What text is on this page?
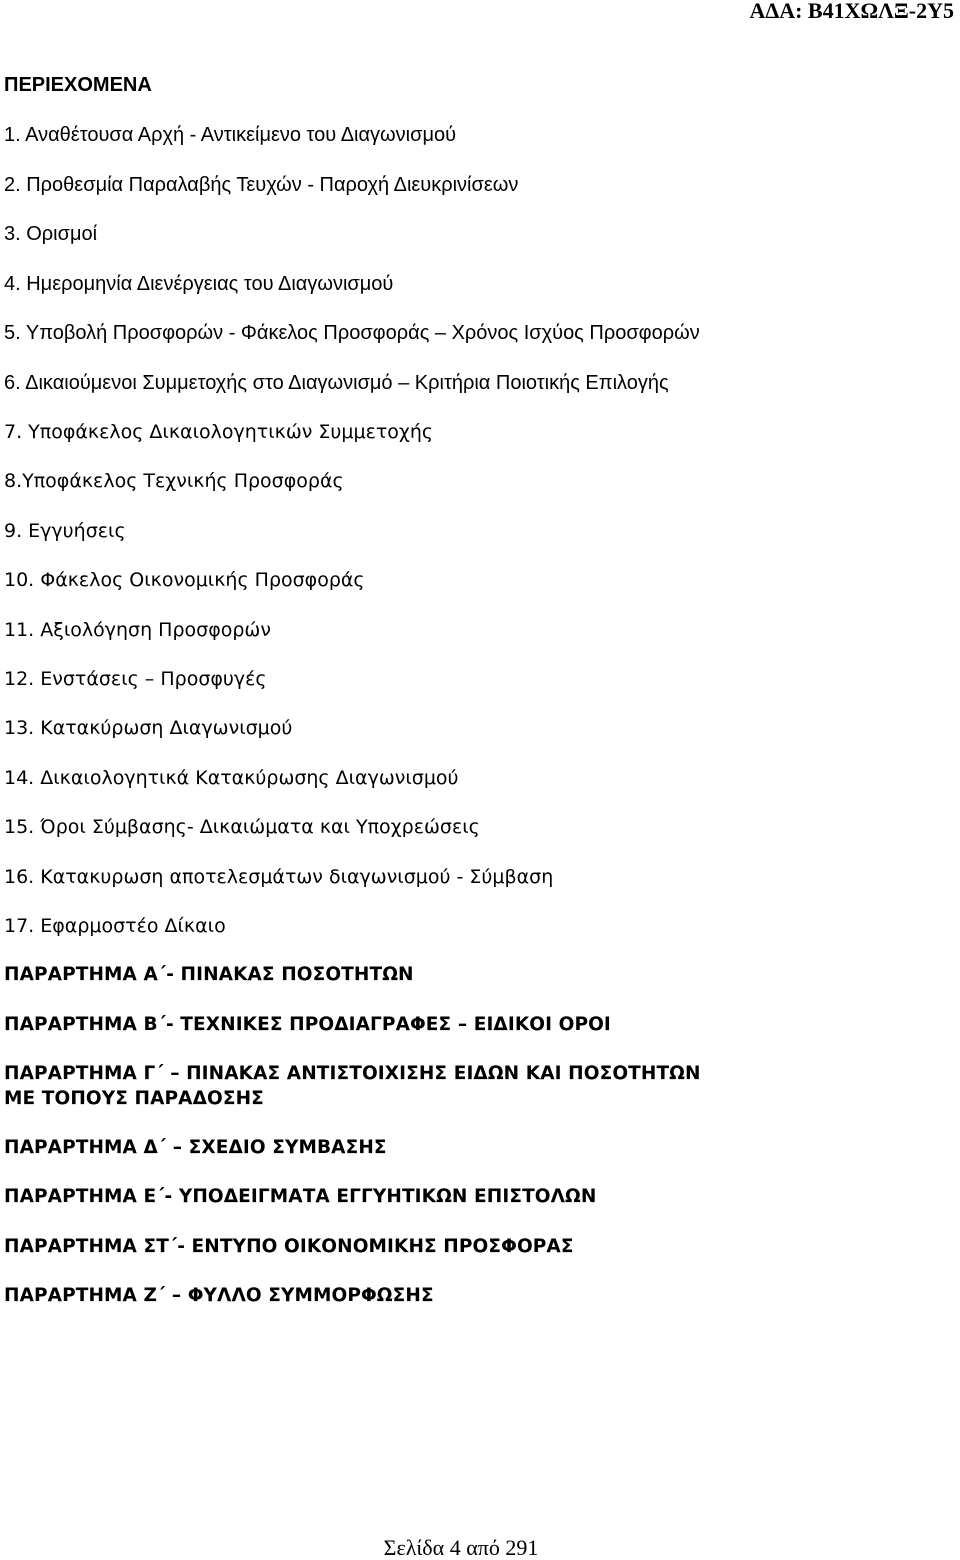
ΑΔΑ: Β41ΧΩΛΞ-2Υ5
ΠΕΡΙΕΧΟΜΕΝΑ
1. Αναθέτουσα Αρχή - Αντικείμενο του Διαγωνισμού
2. Προθεσμία Παραλαβής Τευχών - Παροχή Διευκρινίσεων
3. Ορισμοί
4. Ημερομηνία Διενέργειας του Διαγωνισμού
5. Υποβολή Προσφορών - Φάκελος Προσφοράς – Χρόνος Ισχύος Προσφορών
6. Δικαιούμενοι Συμμετοχής στο Διαγωνισμό – Κριτήρια Ποιοτικής Επιλογής
7. Υποφάκελος Δικαιολογητικών Συμμετοχής
8.Υποφάκελος Τεχνικής Προσφοράς
9. Εγγυήσεις
10. Φάκελος Οικονομικής Προσφοράς
11. Αξιολόγηση Προσφορών
12. Ενστάσεις – Προσφυγές
13. Κατακύρωση Διαγωνισμού
14. Δικαιολογητικά Κατακύρωσης Διαγωνισμού
15. Όροι Σύμβασης- Δικαιώματα και Υποχρεώσεις
16. Κατακυρωση αποτελεσμάτων διαγωνισμού - Σύμβαση
17. Εφαρμοστέο Δίκαιο
ΠΑΡΑΡΤΗΜΑ Α΄- ΠΙΝΑΚΑΣ ΠΟΣΟΤΗΤΩΝ
ΠΑΡΑΡΤΗΜΑ Β΄- ΤΕΧΝΙΚΕΣ ΠΡΟΔΙΑΓΡΑΦΕΣ – ΕΙΔΙΚΟΙ ΟΡΟΙ
ΠΑΡΑΡΤΗΜΑ Γ΄ – ΠΙΝΑΚΑΣ ΑΝΤΙΣΤΟΙΧΙΣΗΣ ΕΙΔΩΝ ΚΑΙ ΠΟΣΟΤΗΤΩΝ
ΜΕ ΤΟΠΟΥΣ ΠΑΡΑΔΟΣΗΣ
ΠΑΡΑΡΤΗΜΑ Δ΄ – ΣΧΕΔΙΟ ΣΥΜΒΑΣΗΣ
ΠΑΡΑΡΤΗΜΑ Ε΄- ΥΠΟΔΕΙΓΜΑΤΑ ΕΓΓΥΗΤΙΚΩΝ ΕΠΙΣΤΟΛΩΝ
ΠΑΡΑΡΤΗΜΑ ΣΤ΄- ΕΝΤΥΠΟ ΟΙΚΟΝΟΜΙΚΗΣ ΠΡΟΣΦΟΡΑΣ
ΠΑΡΑΡΤΗΜΑ Ζ΄ – ΦΥΛΛΟ ΣΥΜΜΟΡΦΩΣΗΣ
Σελίδα 4 από 291
